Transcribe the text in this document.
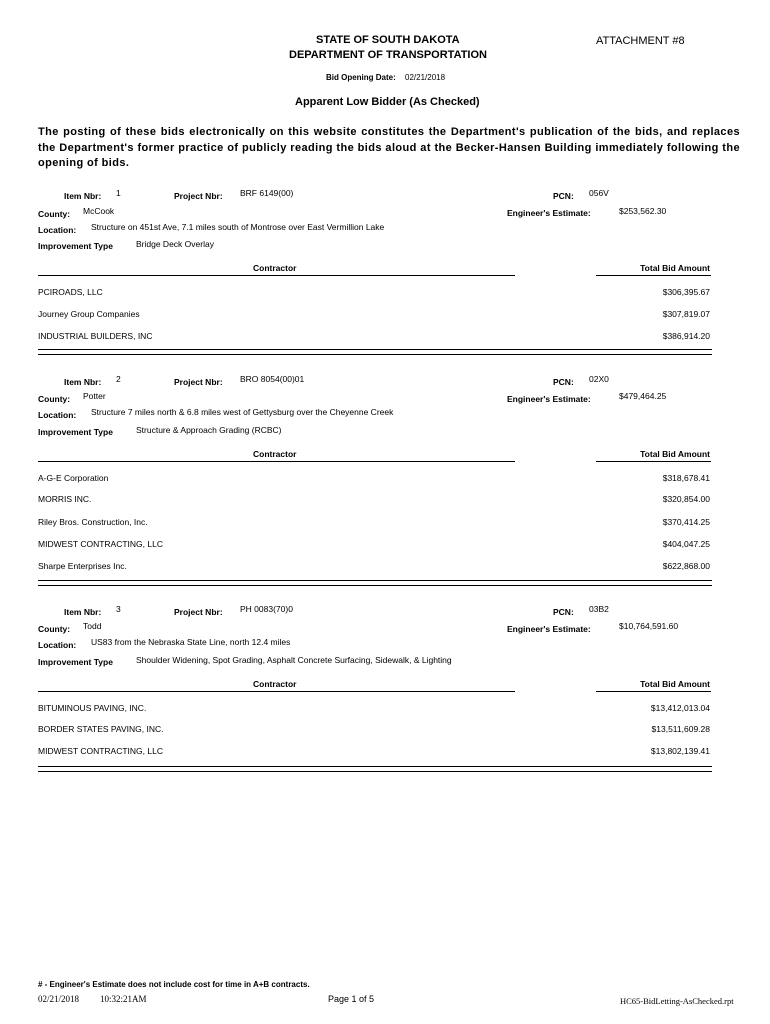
STATE OF SOUTH DAKOTA
DEPARTMENT OF TRANSPORTATION
ATTACHMENT #8
Bid Opening Date: 02/21/2018
Apparent Low Bidder (As Checked)
The posting of these bids electronically on this website constitutes the Department's publication of the bids, and replaces the Department's former practice of publicly reading the bids aloud at the Becker-Hansen Building immediately following the opening of bids.
Item Nbr: 1	Project Nbr: BRF 6149(00)	PCN: 056V
County: McCook	Engineer's Estimate:	$253,562.30
Location: Structure on 451st Ave, 7.1 miles south of Montrose over East Vermillion Lake
Improvement Type	Bridge Deck Overlay
Contractor	Total Bid Amount
PCIROADS, LLC	$306,395.67
Journey Group Companies	$307,819.07
INDUSTRIAL BUILDERS, INC	$386,914.20
Item Nbr: 2	Project Nbr: BRO 8054(00)01	PCN: 02X0
County: Potter	Engineer's Estimate:	$479,464.25
Location: Structure 7 miles north & 6.8 miles west of Gettysburg over the Cheyenne Creek
Improvement Type	Structure & Approach Grading (RCBC)
Contractor	Total Bid Amount
A-G-E Corporation	$318,678.41
MORRIS INC.	$320,854.00
Riley Bros. Construction, Inc.	$370,414.25
MIDWEST CONTRACTING, LLC	$404,047.25
Sharpe Enterprises Inc.	$622,868.00
Item Nbr: 3	Project Nbr: PH 0083(70)0	PCN: 03B2
County: Todd	Engineer's Estimate:	$10,764,591.60
Location: US83 from the Nebraska State Line, north 12.4 miles
Improvement Type	Shoulder Widening, Spot Grading, Asphalt Concrete Surfacing, Sidewalk, & Lighting
Contractor	Total Bid Amount
BITUMINOUS PAVING, INC.	$13,412,013.04
BORDER STATES PAVING, INC.	$13,511,609.28
MIDWEST CONTRACTING, LLC	$13,802,139.41
# - Engineer's Estimate does not include cost for time in A+B contracts.
02/21/2018 10:32:21AM	Page 1 of 5	HC65-BidLetting-AsChecked.rpt
